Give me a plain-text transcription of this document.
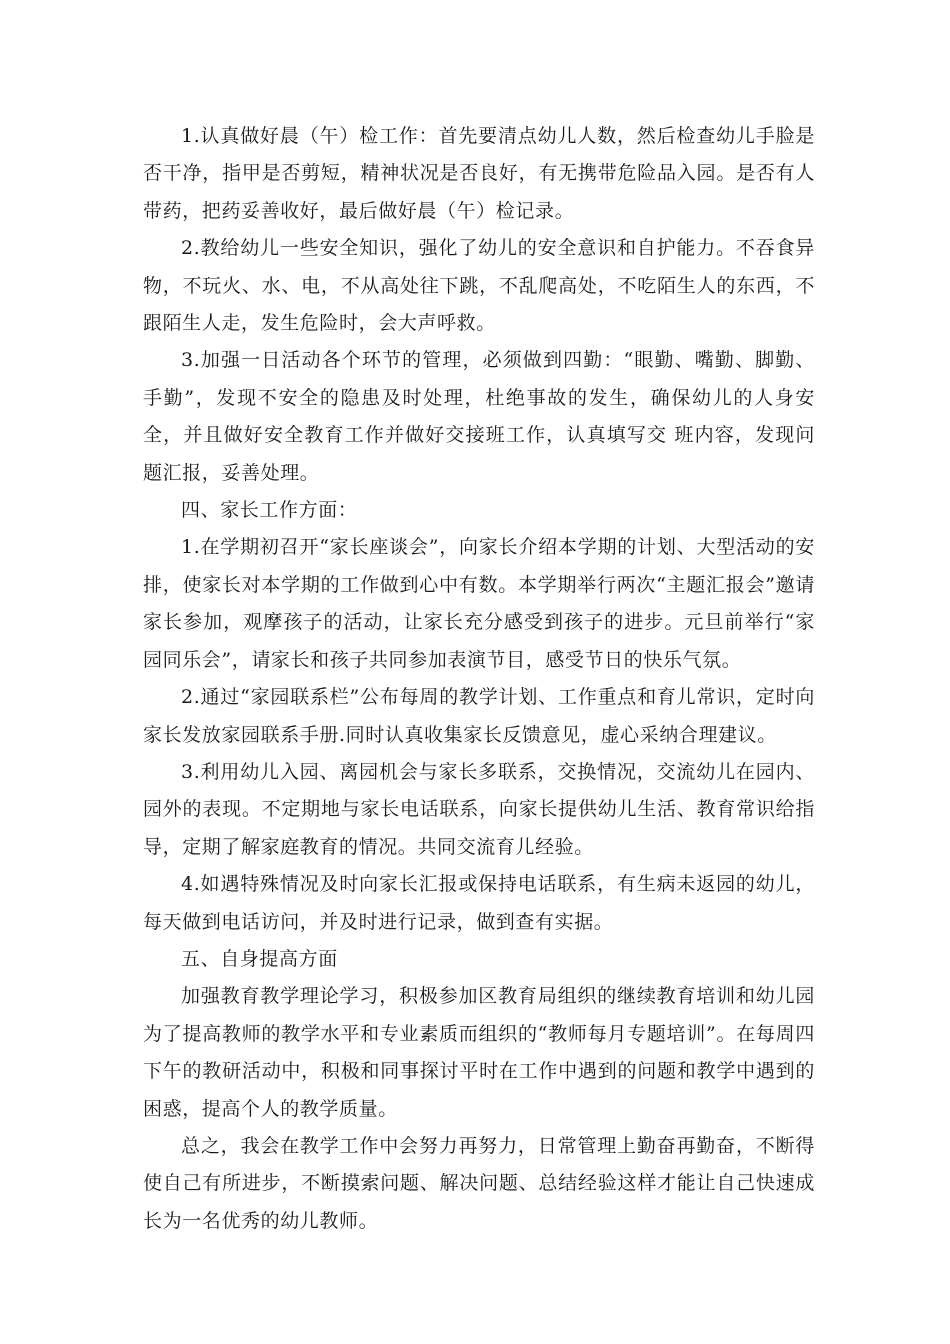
1.认真做好晨（午）检工作：首先要清点幼儿人数，然后检查幼儿手脸是否干净，指甲是否剪短，精神状况是否良好，有无携带危险品入园。是否有人带药，把药妥善收好，最后做好晨（午）检记录。

2.教给幼儿一些安全知识，强化了幼儿的安全意识和自护能力。不吞食异物，不玩火、水、电，不从高处往下跳，不乱爬高处，不吃陌生人的东西，不跟陌生人走，发生危险时，会大声呼救。

3.加强一日活动各个环节的管理，必须做到四勤：“眼勤、嘴勤、脚勤、手勤”，发现不安全的隐患及时处理，杜绝事故的发生，确保幼儿的人身安全，并且做好安全教育工作并做好交接班工作，认真填写交 班内容，发现问题汇报，妥善处理。

四、家长工作方面：

1.在学期初召开“家长座谈会”，向家长介绍本学期的计划、大型活动的安排，使家长对本学期的工作做到心中有数。本学期举行两次“主题汇报会”邀请家长参加，观摩孩子的活动，让家长充分感受到孩子的进步。元旦前举行“家园同乐会”，请家长和孩子共同参加表演节目，感受节日的快乐气氛。

2.通过“家园联系栏”公布每周的教学计划、工作重点和育儿常识，定时向家长发放家园联系手册.同时认真收集家长反馈意见，虚心采纳合理建议。

3.利用幼儿入园、离园机会与家长多联系，交换情况，交流幼儿在园内、园外的表现。不定期地与家长电话联系，向家长提供幼儿生活、教育常识给指导，定期了解家庭教育的情况。共同交流育儿经验。

4.如遇特殊情况及时向家长汇报或保持电话联系，有生病未返园的幼儿，每天做到电话访问，并及时进行记录，做到查有实据。

五、自身提高方面

加强教育教学理论学习，积极参加区教育局组织的继续教育培训和幼儿园为了提高教师的教学水平和专业素质而组织的“教师每月专题培训”。在每周四下午的教研活动中，积极和同事探讨平时在工作中遇到的问题和教学中遇到的困惑，提高个人的教学质量。

总之，我会在教学工作中会努力再努力，日常管理上勤奋再勤奋，不断得使自己有所进步，不断摸索问题、解决问题、总结经验这样才能让自己快速成长为一名优秀的幼儿教师。
